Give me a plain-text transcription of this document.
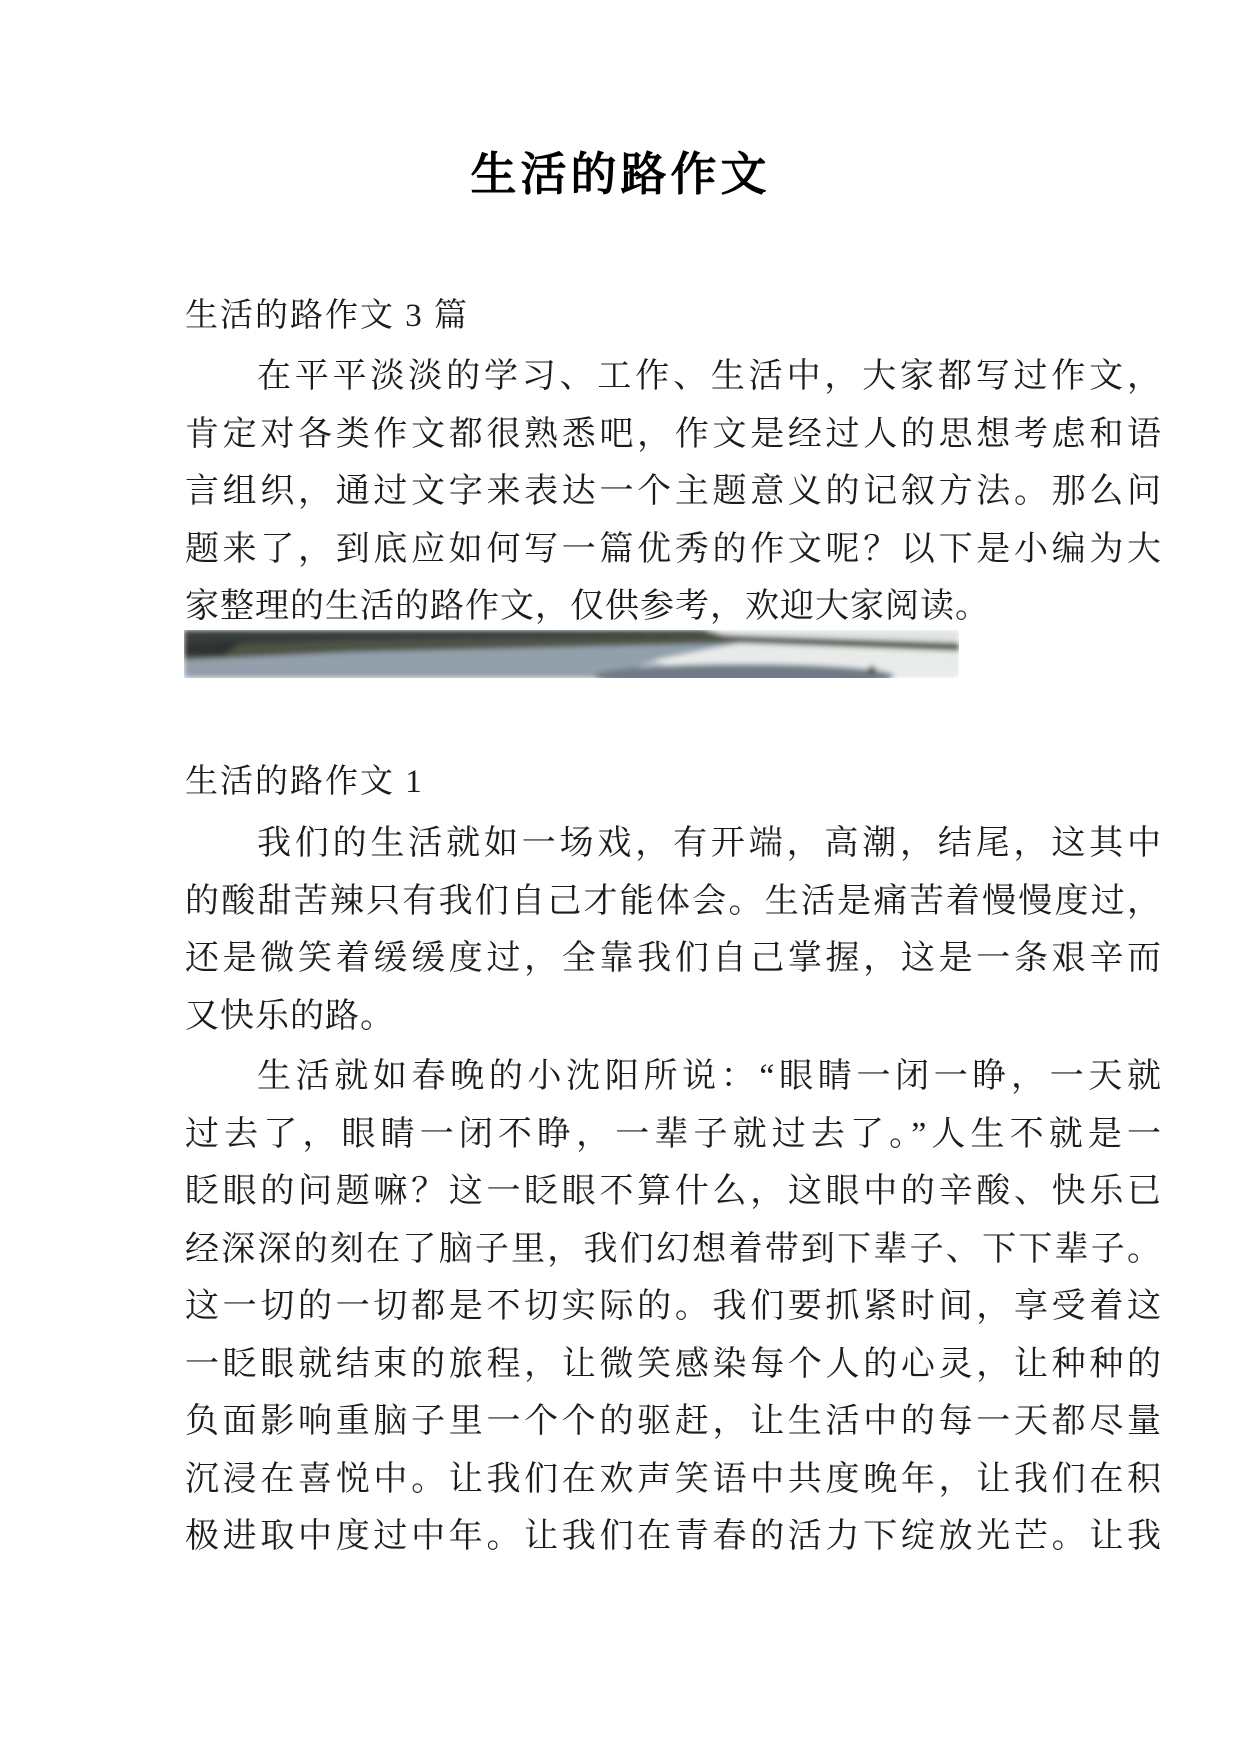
生活的路作文
生活的路作文 3 篇
在平平淡淡的学习、工作、生活中，大家都写过作文，
肯定对各类作文都很熟悉吧，作文是经过人的思想考虑和语
言组织，通过文字来表达一个主题意义的记叙方法。那么问
题来了，到底应如何写一篇优秀的作文呢？以下是小编为大
家整理的生活的路作文，仅供参考，欢迎大家阅读。
生活的路作文 1
我们的生活就如一场戏，有开端，高潮，结尾，这其中
的酸甜苦辣只有我们自己才能体会。生活是痛苦着慢慢度过，
还是微笑着缓缓度过，全靠我们自己掌握，这是一条艰辛而
又快乐的路。
生活就如春晚的小沈阳所说：“眼睛一闭一睁，一天就
过去了，眼睛一闭不睁，一辈子就过去了。”人生不就是一
眨眼的问题嘛？这一眨眼不算什么，这眼中的辛酸、快乐已
经深深的刻在了脑子里，我们幻想着带到下辈子、下下辈子。
这一切的一切都是不切实际的。我们要抓紧时间，享受着这
一眨眼就结束的旅程，让微笑感染每个人的心灵，让种种的
负面影响重脑子里一个个的驱赶，让生活中的每一天都尽量
沉浸在喜悦中。让我们在欢声笑语中共度晚年，让我们在积
极进取中度过中年。让我们在青春的活力下绽放光芒。让我
